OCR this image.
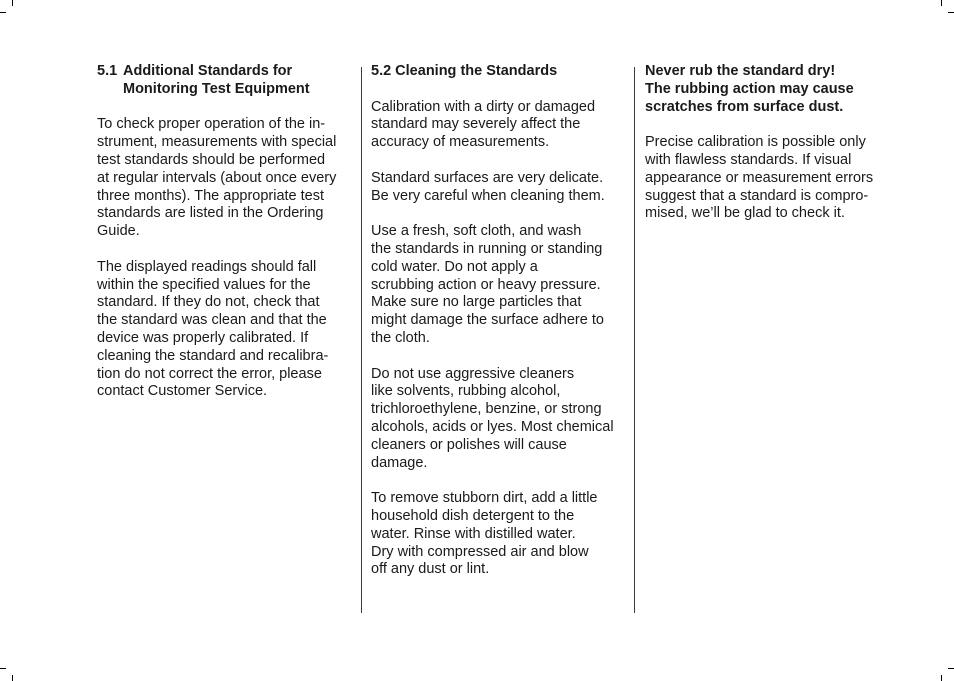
5.1 Additional Standards for
Monitoring Test Equipment

To check proper operation of the in-
strument, measurements with special
test standards should be performed
at regular intervals (about once every
three months). The appropriate test
standards are listed in the Ordering
Guide.

The displayed readings should fall
within the specified values for the
standard. If they do not, check that
the standard was clean and that the
device was properly calibrated. If
cleaning the standard and recalibra-
tion do not correct the error, please
contact Customer Service.

5.2 Cleaning the Standards

Calibration with a dirty or damaged
standard may severely affect the
accuracy of measurements.

Standard surfaces are very delicate.
Be very careful when cleaning them.

Use a fresh, soft cloth, and wash
the standards in running or standing
cold water. Do not apply a
scrubbing action or heavy pressure.
Make sure no large particles that
might damage the surface adhere to
the cloth.

Do not use aggressive cleaners
like solvents, rubbing alcohol,
trichloroethylene, benzine, or strong
alcohols, acids or lyes. Most chemical
cleaners or polishes will cause
damage.

To remove stubborn dirt, add a little
household dish detergent to the
water. Rinse with distilled water.
Dry with compressed air and blow
off any dust or lint.

Never rub the standard dry!
The rubbing action may cause
scratches from surface dust.

Precise calibration is possible only
with flawless standards. If visual
appearance or measurement errors
suggest that a standard is compro-
mised, we’ll be glad to check it.
